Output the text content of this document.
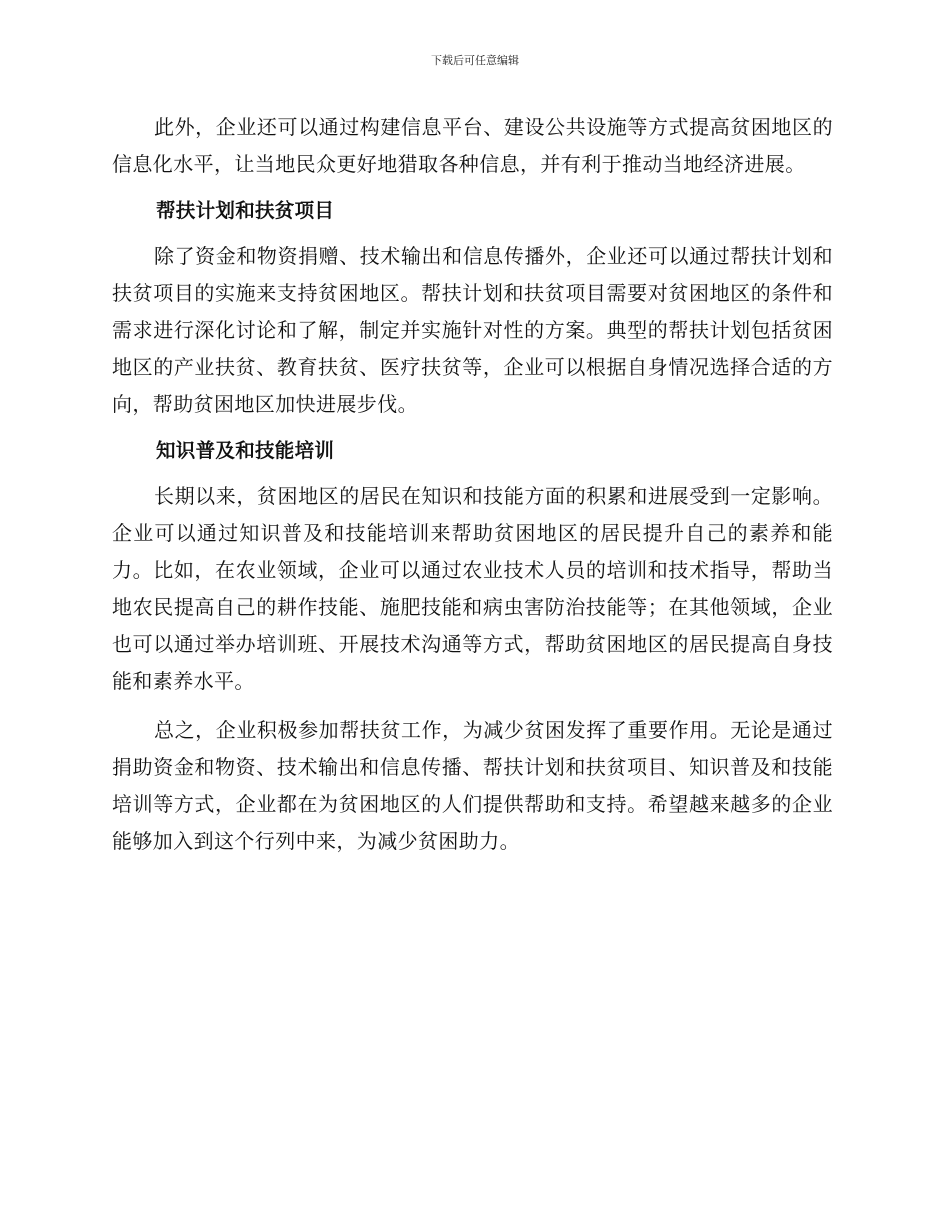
下载后可任意编辑

此外，企业还可以通过构建信息平台、建设公共设施等方式提高贫困地区的信息化水平，让当地民众更好地猎取各种信息，并有利于推动当地经济进展。

帮扶计划和扶贫项目

除了资金和物资捐赠、技术输出和信息传播外，企业还可以通过帮扶计划和扶贫项目的实施来支持贫困地区。帮扶计划和扶贫项目需要对贫困地区的条件和需求进行深化讨论和了解，制定并实施针对性的方案。典型的帮扶计划包括贫困地区的产业扶贫、教育扶贫、医疗扶贫等，企业可以根据自身情况选择合适的方向，帮助贫困地区加快进展步伐。

知识普及和技能培训

长期以来，贫困地区的居民在知识和技能方面的积累和进展受到一定影响。企业可以通过知识普及和技能培训来帮助贫困地区的居民提升自己的素养和能力。比如，在农业领域，企业可以通过农业技术人员的培训和技术指导，帮助当地农民提高自己的耕作技能、施肥技能和病虫害防治技能等；在其他领域，企业也可以通过举办培训班、开展技术沟通等方式，帮助贫困地区的居民提高自身技能和素养水平。

总之，企业积极参加帮扶贫工作，为减少贫困发挥了重要作用。无论是通过捐助资金和物资、技术输出和信息传播、帮扶计划和扶贫项目、知识普及和技能培训等方式，企业都在为贫困地区的人们提供帮助和支持。希望越来越多的企业能够加入到这个行列中来，为减少贫困助力。
